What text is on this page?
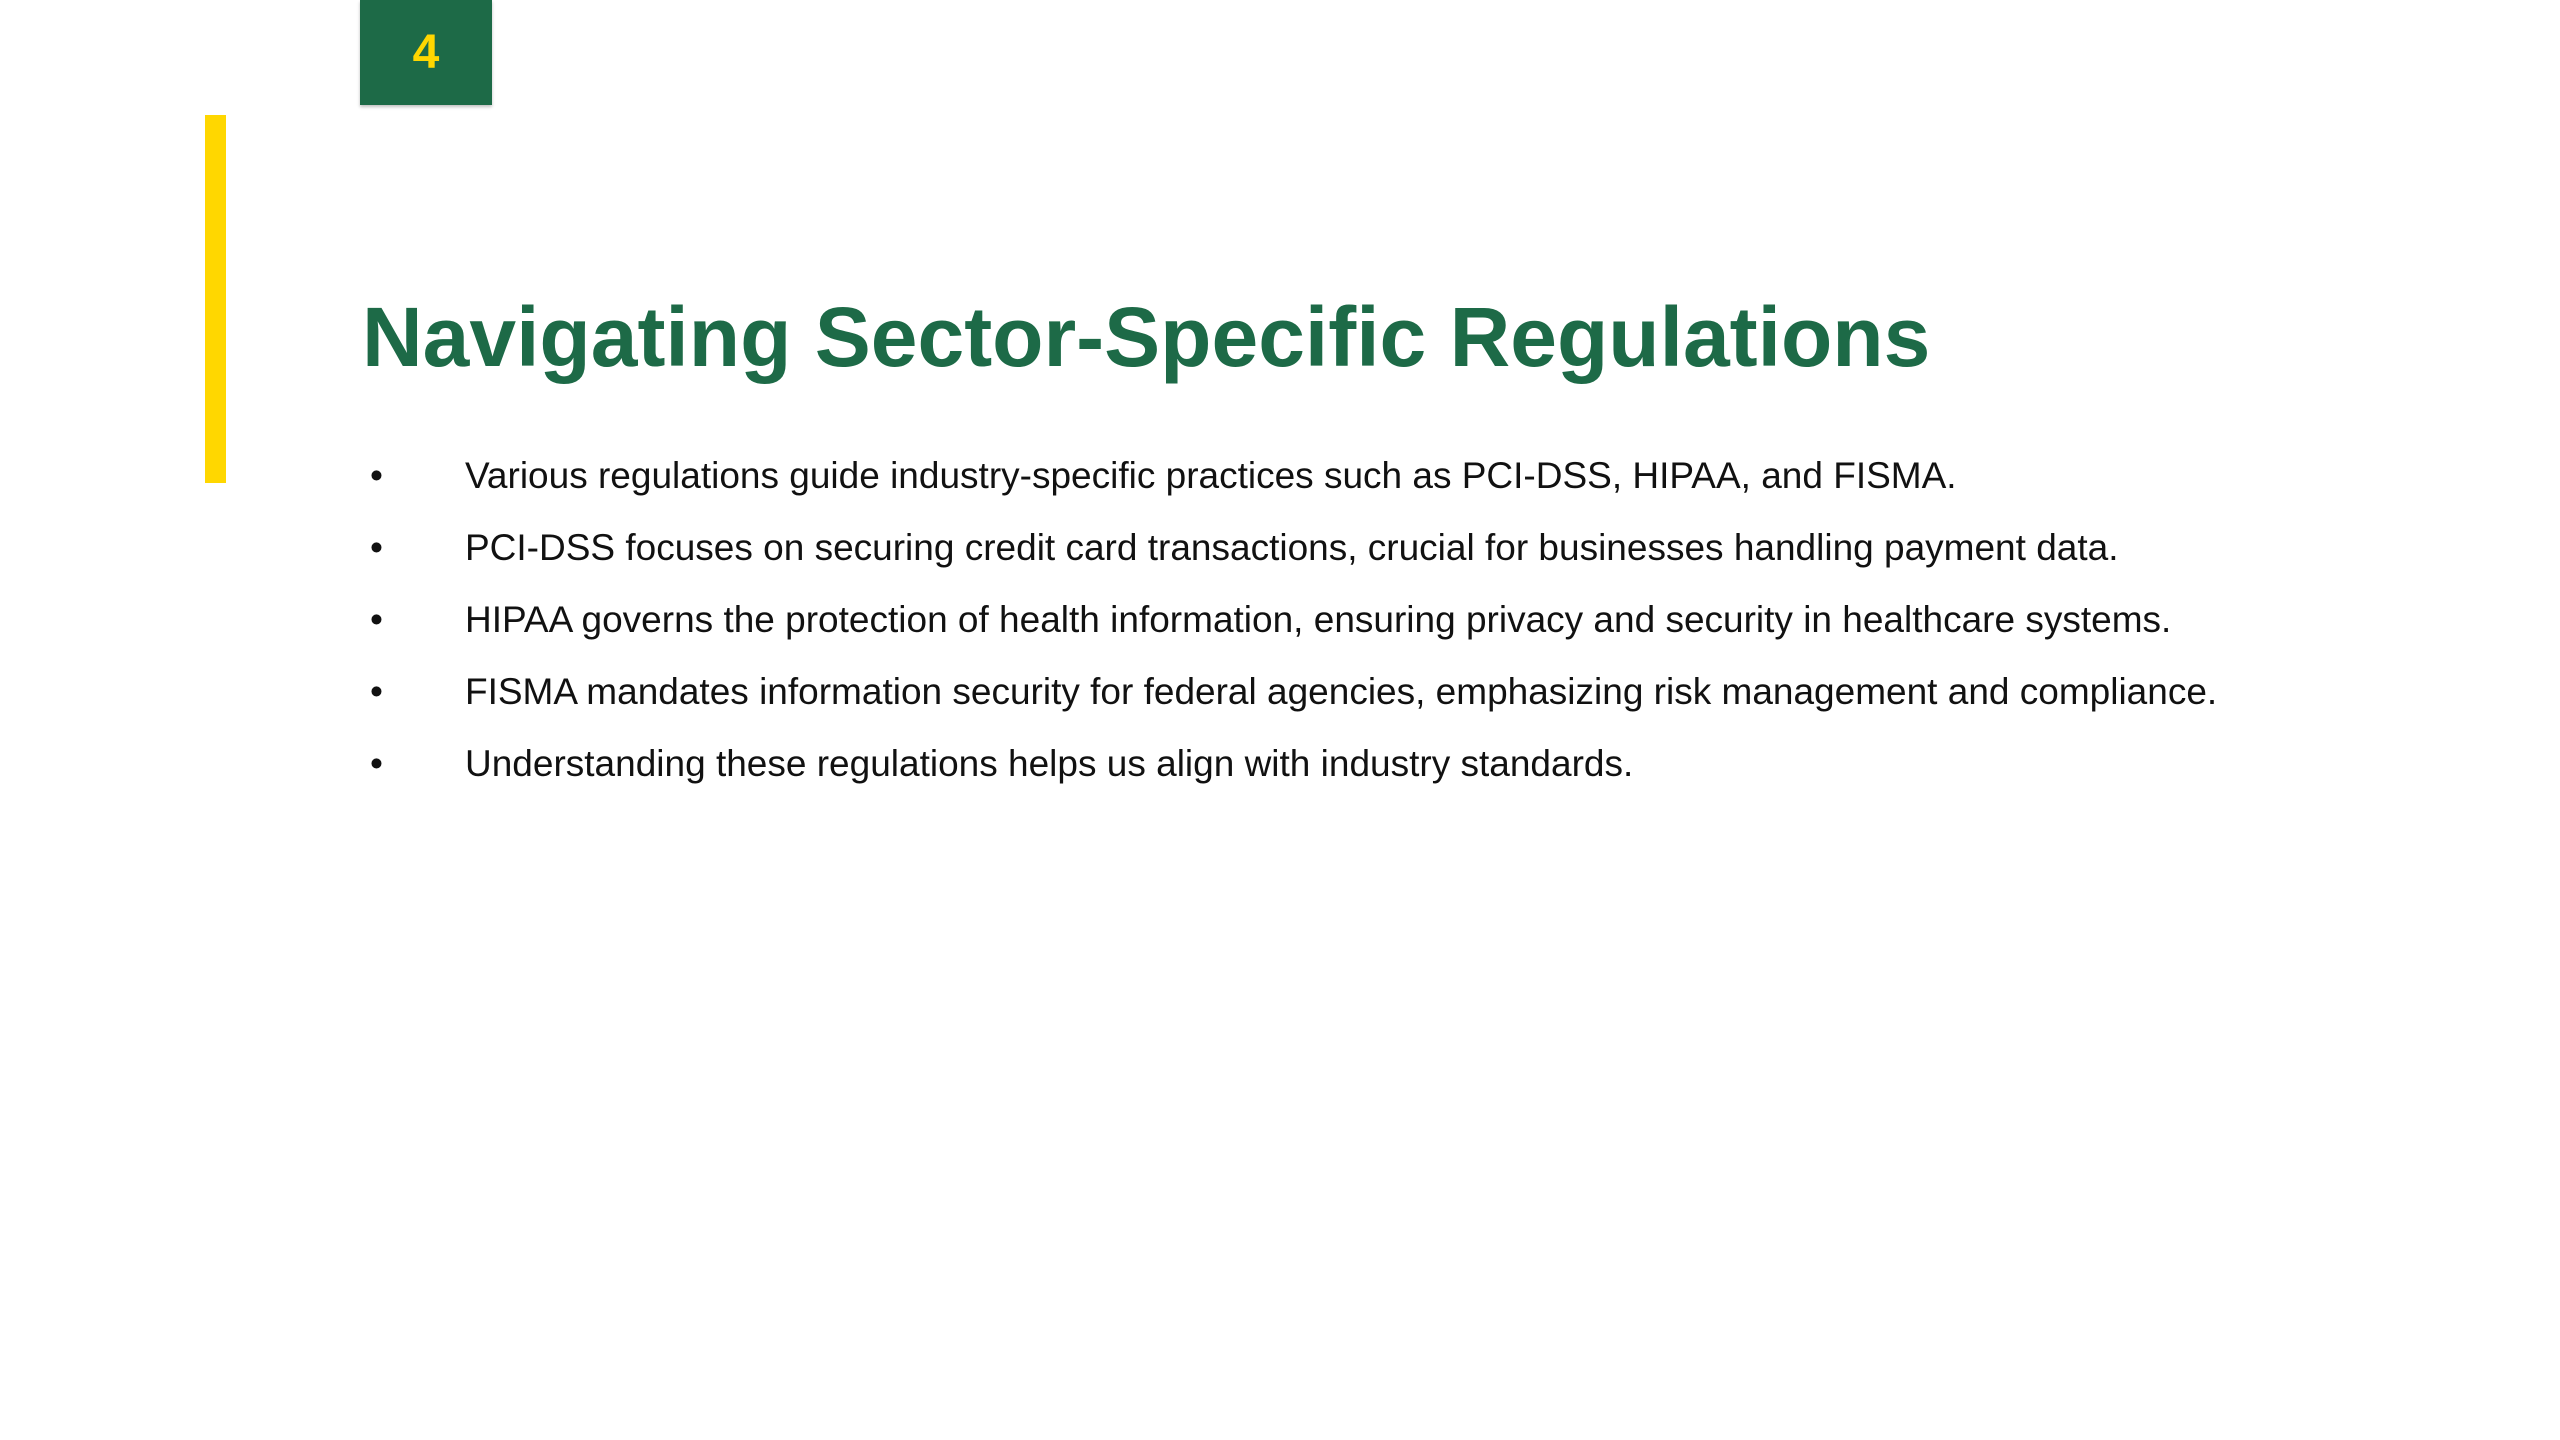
4
Navigating Sector-Specific Regulations
•	Various regulations guide industry-specific practices such as PCI-DSS, HIPAA, and FISMA.
•	PCI-DSS focuses on securing credit card transactions, crucial for businesses handling payment data.
•	HIPAA governs the protection of health information, ensuring privacy and security in healthcare systems.
•	FISMA mandates information security for federal agencies, emphasizing risk management and compliance.
•	Understanding these regulations helps us align with industry standards.
